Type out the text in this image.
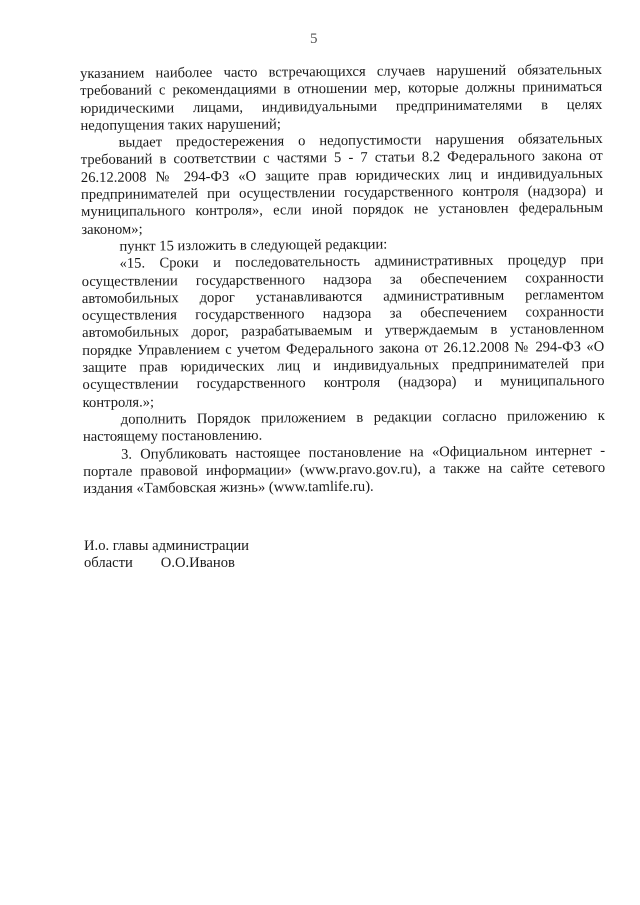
5

указанием наиболее часто встречающихся случаев нарушений обязательных требований с рекомендациями в отношении мер, которые должны приниматься юридическими лицами, индивидуальными предпринимателями в целях недопущения таких нарушений;

выдает предостережения о недопустимости нарушения обязательных требований в соответствии с частями 5 - 7 статьи 8.2 Федерального закона от 26.12.2008 № 294-ФЗ «О защите прав юридических лиц и индивидуальных предпринимателей при осуществлении государственного контроля (надзора) и муниципального контроля», если иной порядок не установлен федеральным законом»;

пункт 15 изложить в следующей редакции:

«15. Сроки и последовательность административных процедур при осуществлении государственного надзора за обеспечением сохранности автомобильных дорог устанавливаются административным регламентом осуществления государственного надзора за обеспечением сохранности автомобильных дорог, разрабатываемым и утверждаемым в установленном порядке Управлением с учетом Федерального закона от 26.12.2008 № 294-ФЗ «О защите прав юридических лиц и индивидуальных предпринимателей при осуществлении государственного контроля (надзора) и муниципального контроля.»;

дополнить Порядок приложением в редакции согласно приложению к настоящему постановлению.

3. Опубликовать настоящее постановление на «Официальном интернет - портале правовой информации» (www.pravo.gov.ru), а также на сайте сетевого издания «Тамбовская жизнь» (www.tamlife.ru).

И.о. главы администрации
области О.О.Иванов
